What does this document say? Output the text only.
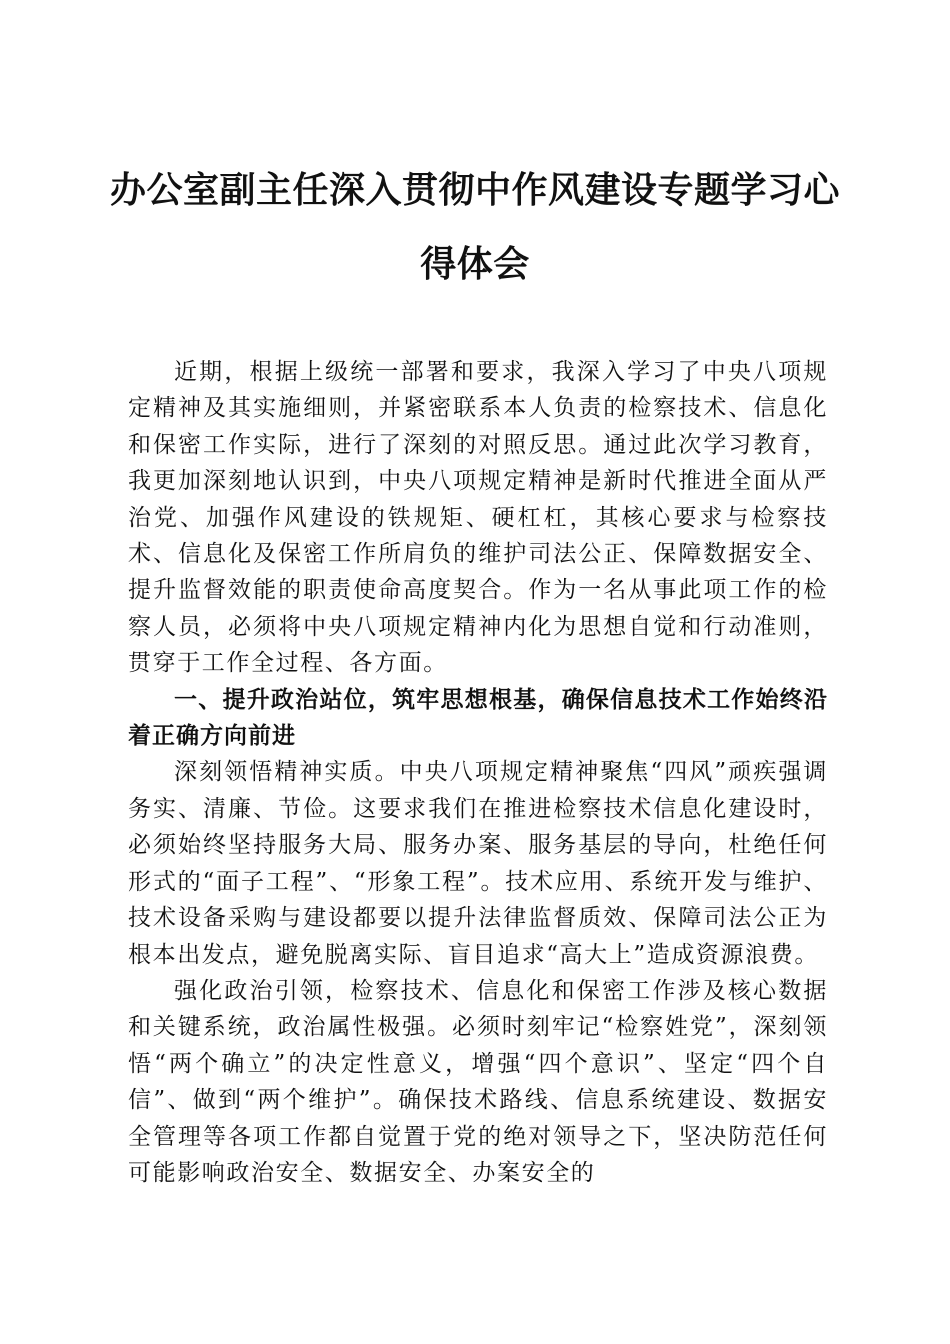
办公室副主任深入贯彻中作风建设专题学习心
得体会

近期，根据上级统一部署和要求，我深入学习了中央八项规定精神及其实施细则，并紧密联系本人负责的检察技术、信息化和保密工作实际，进行了深刻的对照反思。通过此次学习教育，我更加深刻地认识到，中央八项规定精神是新时代推进全面从严治党、加强作风建设的铁规矩、硬杠杠，其核心要求与检察技术、信息化及保密工作所肩负的维护司法公正、保障数据安全、提升监督效能的职责使命高度契合。作为一名从事此项工作的检察人员，必须将中央八项规定精神内化为思想自觉和行动准则，贯穿于工作全过程、各方面。

一、提升政治站位，筑牢思想根基，确保信息技术工作始终沿着正确方向前进

深刻领悟精神实质。中央八项规定精神聚焦“四风”顽疾强调务实、清廉、节俭。这要求我们在推进检察技术信息化建设时，必须始终坚持服务大局、服务办案、服务基层的导向，杜绝任何形式的“面子工程”、“形象工程”。技术应用、系统开发与维护、技术设备采购与建设都要以提升法律监督质效、保障司法公正为根本出发点，避免脱离实际、盲目追求“高大上”造成资源浪费。

强化政治引领，检察技术、信息化和保密工作涉及核心数据和关键系统，政治属性极强。必须时刻牢记“检察姓党”，深刻领悟“两个确立”的决定性意义，增强“四个意识”、坚定“四个自信”、做到“两个维护”。确保技术路线、信息系统建设、数据安全管理等各项工作都自觉置于党的绝对领导之下，坚决防范任何可能影响政治安全、数据安全、办案安全的
